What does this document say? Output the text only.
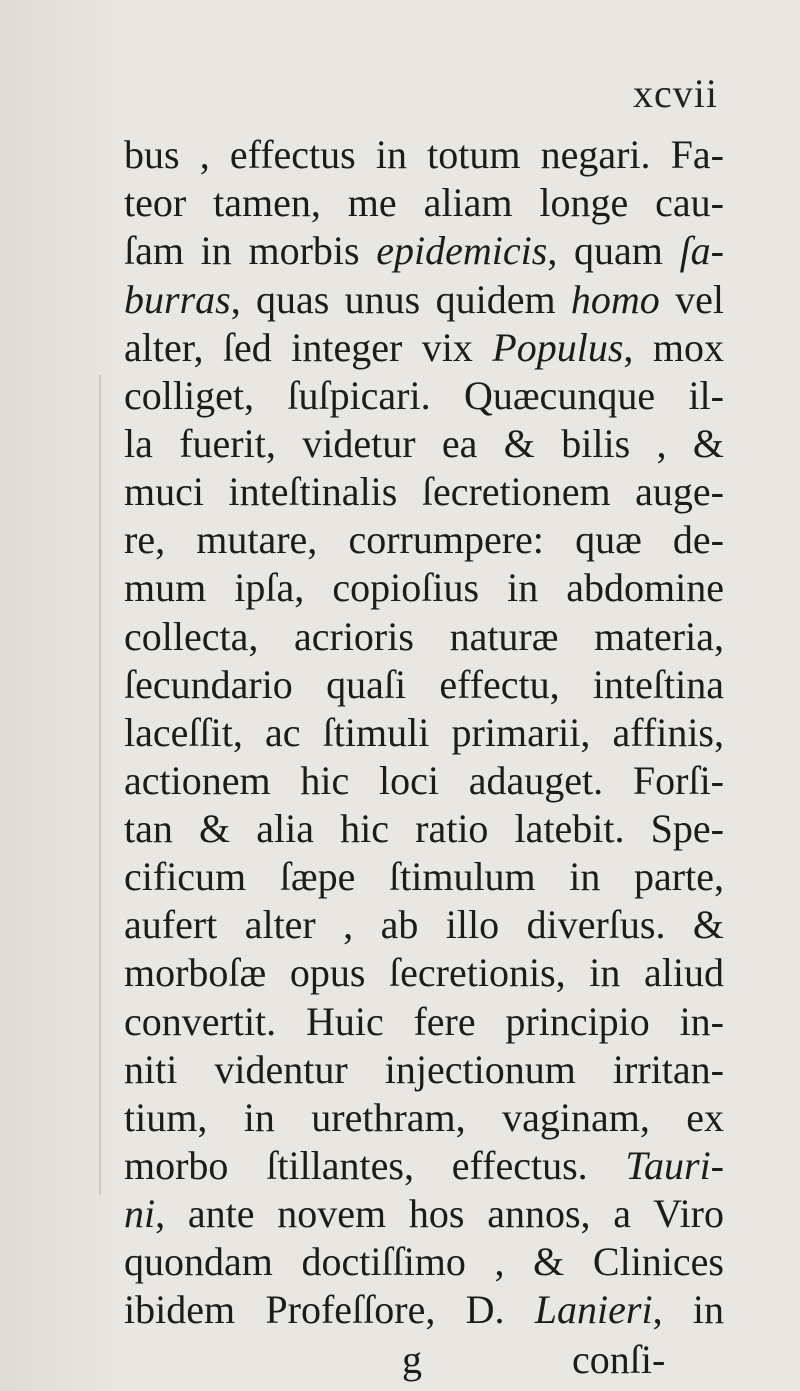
xcvii
bus , effectus in totum negari. Fa-
teor tamen, me aliam longe cau-
ſam in morbis epidemicis, quam ſa-
burras, quas unus quidem homo vel
alter, ſed integer vix Populus, mox
colliget, ſuſpicari. Quæcunque il-
la fuerit, videtur ea & bilis , &
muci inteſtinalis ſecretionem auge-
re, mutare, corrumpere: quæ de-
mum ipſa, copioſius in abdomine
collecta, acrioris naturæ materia,
ſecundario quaſi effectu, inteſtina
laceſſit, ac ſtimuli primarii, affinis,
actionem hic loci adauget. Forſi-
tan & alia hic ratio latebit. Spe-
cificum ſæpe ſtimulum in parte,
aufert alter , ab illo diverſus. &
morboſæ opus ſecretionis, in aliud
convertit. Huic fere principio in-
niti videntur injectionum irritan-
tium, in urethram, vaginam, ex
morbo ſtillantes, effectus. Tauri-
ni, ante novem hos annos, a Viro
quondam doctiſſimo , & Clinices
ibidem Profeſſore, D. Lanieri, in
g	conſi-
